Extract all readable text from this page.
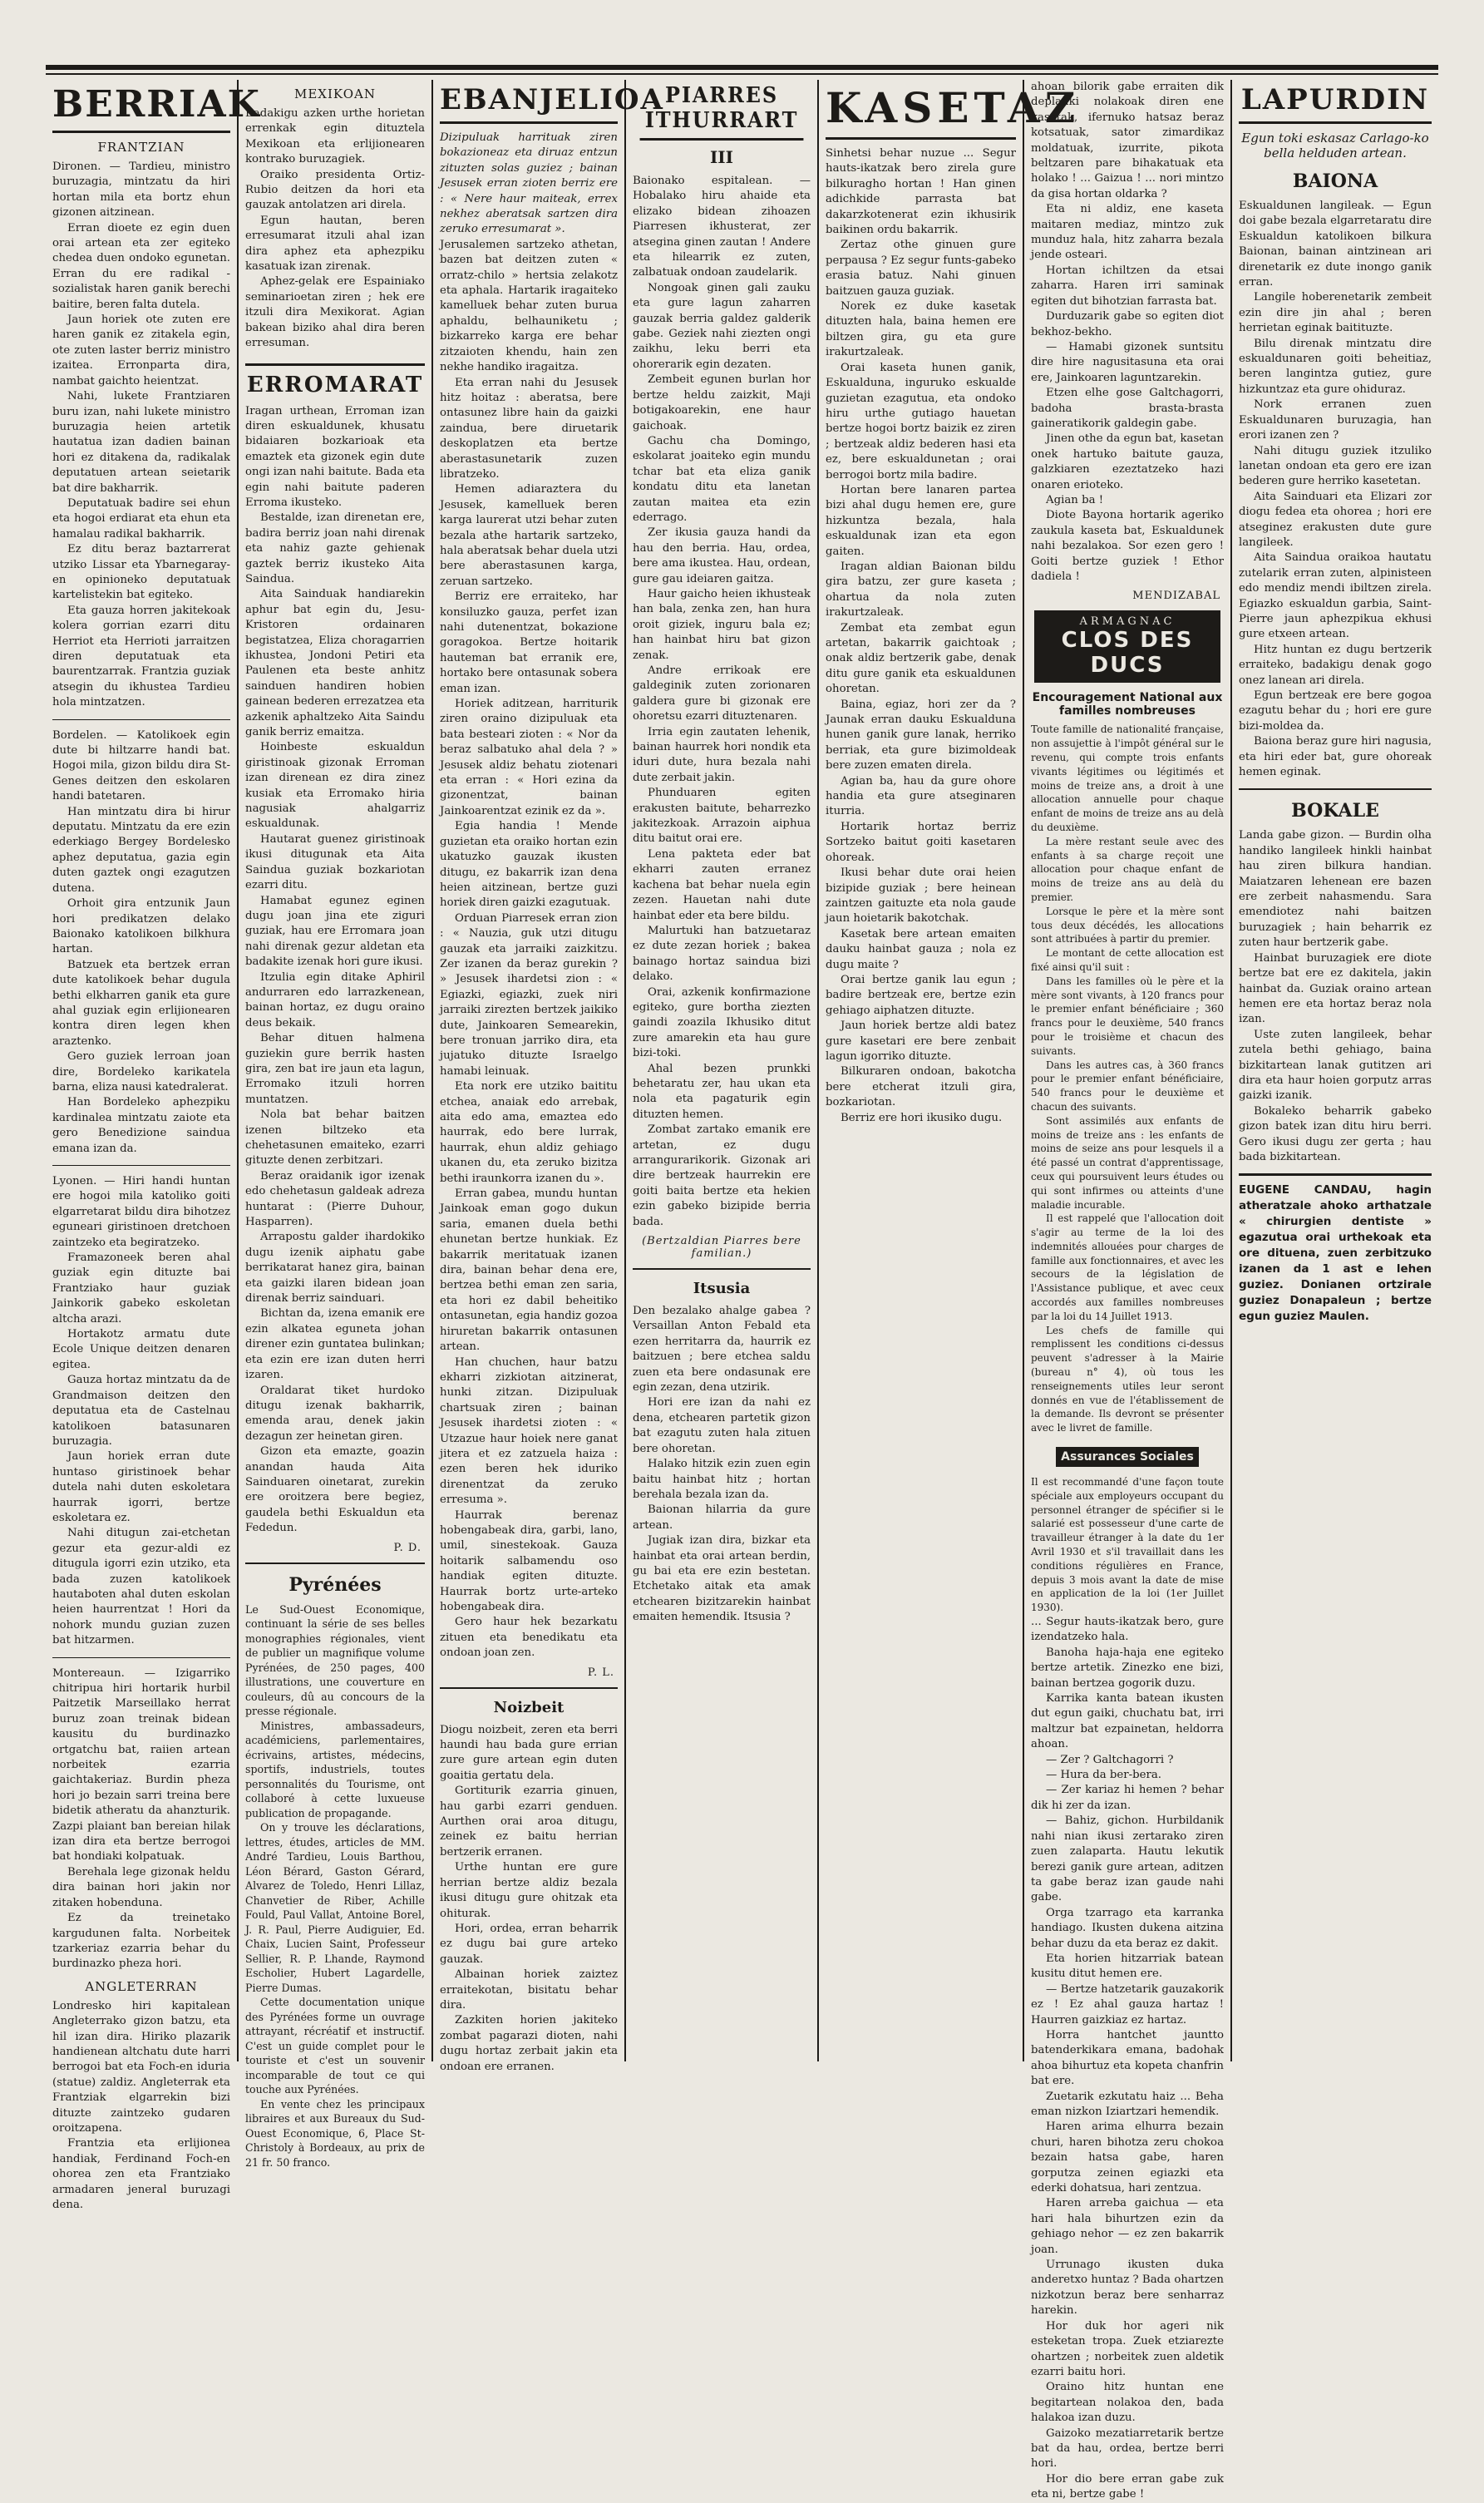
BERRIAK
FRANTZIAN

Dironen. — Tardieu, ministro buruzagia, mintzatu da hiri hortan mila eta bortz ehun gizonen aitzinean.

Erran dioete ez egin duen orai artean eta zer egiteko chedea duen ondoko egunetan. Erran du ere radikal - sozialistak haren ganik berechi baitire, beren falta dutela.

Jaun horiek ote zuten ere haren ganik ez zitakela egin, ote zuten laster berriz ministro izaitea. Erronparta dira, nambat gaichto heientzat.

Nahi, lukete Frantziaren buru izan, nahi lukete ministro buruzagia heien artetik hautatua izan dadien bainan hori ez ditakena da, radikalak deputatuen artean seietarik bat dire bakharrik.

Deputatuak badire sei ehun eta hogoi erdiarat eta ehun eta hamalau radikal bakharrik.

Ez ditu beraz baztarrerat utziko Lissar eta Ybarnegaray-en opinioneko deputatuak kartelistekin bat egiteko.

Eta gauza horren jakitekoak kolera gorrian ezarri ditu Herriot eta Herrioti jarraitzen diren deputatuak eta baurentzarrak. Frantzia guziak atsegin du ikhustea Tardieu hola mintzatzen.

Bordelen. — Katolikoek egin dute bi hiltzarre handi bat. Hogoi mila, gizon bildu dira St-Genes deitzen den eskolaren handi batetaren.

Han mintzatu dira bi hirur deputatu. Mintzatu da ere ezin ederkiago Bergey Bordelesko aphez deputatua, gazia egin duten gaztek ongi ezagutzen dutena.

Orhoit gira entzunik Jaun hori predikatzen delako Baionako katolikoen bilkhura hartan.

Batzuek eta bertzek erran dute katolikoek behar dugula bethi elkharren ganik eta gure ahal guziak egin erlijionearen kontra diren legen khen araztenko.

Gero guziek lerroan joan dire, Bordeleko karikatela barna, eliza nausi katedralerat.

Han Bordeleko aphezpiku kardinalea mintzatu zaiote eta gero Benedizione saindua emana izan da.

Lyonen. — Hiri handi huntan ere hogoi mila katoliko goiti elgarretarat bildu dira bihotzez eguneari giristinoen dretchoen zaintzeko eta begiratzeko.

Framazoneek beren ahal guziak egin dituzte bai Frantziako haur guziak Jainkorik gabeko eskoletan altcha arazi.

Hortakotz armatu dute Ecole Unique deitzen denaren egitea.

Gauza hortaz mintzatu da de Grandmaison deitzen den deputatua eta de Castelnau katolikoen batasunaren buruzagia.

Jaun horiek erran dute huntaso giristinoek behar dutela nahi duten eskoletara haurrak igorri, bertze eskoletara ez.

Nahi ditugun zai-etchetan gezur eta gezur-aldi ez ditugula igorri ezin utziko, eta bada zuzen katolikoek hautaboten ahal duten eskolan heien haurrentzat ! Hori da nohork mundu guzian zuzen bat hitzarmen.

Montereaun. — Izigarriko chitripua hiri hortarik hurbil Paitzetik Marseillako herrat buruz zoan treinak bidean kausitu du burdinazko ortgatchu bat, raiien artean norbeitek ezarria gaichtakeriaz. Burdin pheza hori jo bezain sarri treina bere bidetik atheratu da ahanzturik. Zazpi plaiant ban bereian hilak izan dira eta bertze berrogoi bat hondiaki kolpatuak.

Berehala lege gizonak heldu dira bainan hori jakin nor zitaken hobenduna.

Ez da treinetako kargudunen falta. Norbeitek tzarkeriaz ezarria behar du burdinazko pheza hori.

ANGLETERRAN

Londresko hiri kapitalean Angleterrako gizon batzu, eta hil izan dira. Hiriko plazarik handienean altchatu dute harri berrogoi bat eta Foch-en iduria (statue) zaldiz. Angleterrak eta Frantziak elgarrekin bizi dituzte zaintzeko gudaren oroitzapena.

Frantzia eta erlijionea handiak, Ferdinand Foch-en ohorea zen eta Frantziako armadaren jeneral buruzagi dena.

MEXIKOAN

Badakigu azken urthe horietan errenkak egin dituztela Mexikoan eta erlijionearen kontrako buruzagiek.

Oraiko presidenta Ortiz-Rubio deitzen da hori eta gauzak antolatzen ari direla.

Egun hautan, beren erresumarat itzuli ahal izan dira aphez eta aphezpiku kasatuak izan zirenak.

Aphez-gelak ere Espainiako seminarioetan ziren ; hek ere itzuli dira Mexikorat. Agian bakean biziko ahal dira beren erresuman.

ERROMARAT

Iragan urthean, Erroman izan diren eskualdunek, khusatu bidaiaren bozkarioak eta emaztek eta gizonek egin dute ongi izan nahi baitute. Bada eta egin nahi baitute paderen Erroma ikusteko.

Bestalde, izan direnetan ere, badira berriz joan nahi direnak eta nahiz gazte gehienak gaztek berriz ikusteko Aita Saindua.

Aita Sainduak handiarekin aphur bat egin du, Jesu-Kristoren ordainaren begistatzea, Eliza choragarrien ikhustea, Jondoni Petiri eta Paulenen eta beste anhitz sainduen handiren hobien gainean bederen errezatzea eta azkenik aphaltzeko Aita Saindu ganik berriz emaitza.

Hoinbeste eskualdun giristinoak gizonak Erroman izan direnean ez dira zinez kusiak eta Erromako hiria nagusiak ahalgarriz eskualdunak.

Hautarat guenez giristinoak ikusi ditugunak eta Aita Saindua guziak bozkariotan ezarri ditu.

Hamabat egunez eginen dugu joan jina ete ziguri guziak, hau ere Erromara joan nahi direnak gezur aldetan eta badakite izenak hori gure ikusi.

Itzulia egin ditake Aphiril andurraren edo larrazkenean, bainan hortaz, ez dugu oraino deus bekaik.

Behar dituen halmena guziekin gure berrik hasten gira, zen bat ire jaun eta lagun, Erromako itzuli horren muntatzen.

Nola bat behar baitzen izenen biltzeko eta chehetasunen emaiteko, ezarri gituzte denen zerbitzari.

Beraz oraidanik igor izenak edo chehetasun galdeak adreza huntarat : (Pierre Duhour, Hasparren).

Arrapostu galder ihardokiko dugu izenik aiphatu gabe berrikatarat hanez gira, bainan eta gaizki ilaren bidean joan direnak berriz sainduari.

Bichtan da, izena emanik ere ezin alkatea eguneta johan direner ezin guntatea bulinkan; eta ezin ere izan duten herri izaren.

Oraldarat tiket hurdoko ditugu izenak bakharrik, emenda arau, denek jakin dezagun zer heinetan giren.

Gizon eta emazte, goazin anandan hauda Aita Sainduaren oinetarat, zurekin ere oroitzera bere begiez, gaudela bethi Eskualdun eta Fededun.

P. D.
Pyrénées

Le Sud-Ouest Economique, continuant la série de ses belles monographies régionales, vient de publier un magnifique volume Pyrénées, de 250 pages, 400 illustrations, une couverture en couleurs, dû au concours de la presse régionale.

Ministres, ambassadeurs, académiciens, parlementaires, écrivains, artistes, médecins, sportifs, industriels, toutes personnalités du Tourisme, ont collaboré à cette luxueuse publication de propagande.

On y trouve les déclarations, lettres, études, articles de MM. André Tardieu, Louis Barthou, Léon Bérard, Gaston Gérard, Alvarez de Toledo, Henri Lillaz, Chanvetier de Riber, Achille Fould, Paul Vallat, Antoine Borel, J. R. Paul, Pierre Audiguier, Ed. Chaix, Lucien Saint, Professeur Sellier, R. P. Lhande, Raymond Escholier, Hubert Lagardelle, Pierre Dumas.

Cette documentation unique des Pyrénées forme un ouvrage attrayant, récréatif et instructif. C'est un guide complet pour le touriste et c'est un souvenir incomparable de tout ce qui touche aux Pyrénées.

En vente chez les principaux libraires et aux Bureaux du Sud-Ouest Economique, 6, Place St-Christoly à Bordeaux, au prix de 21 fr. 50 franco.

EBANJELIOA

Dizipuluak harrituak ziren bokazioneaz eta diruaz entzun zituzten solas guziez ; bainan Jesusek erran zioten berriz ere : « Nere haur maiteak, errex nekhez aberatsak sartzen dira zeruko erresumarat ».

Jerusalemen sartzeko athetan, bazen bat deitzen zuten « orratz-chilo » hertsia zelakotz eta aphala. Hartarik iragaiteko kamelluek behar zuten burua aphaldu, belhauniketu ; bizkarreko karga ere behar zitzaioten khendu, hain zen nekhe handiko iragaitza.

Eta erran nahi du Jesusek hitz hoitaz : aberatsa, bere ontasunez libre hain da gaizki zaindua, bere diruetarik deskoplatzen eta bertze aberastasunetarik zuzen libratzeko.

Hemen adiaraztera du Jesusek, kamelluek beren karga laurerat utzi behar zuten bezala athe hartarik sartzeko, hala aberatsak behar duela utzi bere aberastasunen karga, zeruan sartzeko.

Berriz ere erraiteko, har konsiluzko gauza, perfet izan nahi dutenentzat, bokazione goragokoa. Bertze hoitarik hauteman bat erranik ere, hortako bere ontasunak sobera eman izan.

Horiek aditzean, harriturik ziren oraino dizipuluak eta bata besteari zioten : « Nor da beraz salbatuko ahal dela ? » Jesusek aldiz behatu ziotenari eta erran : « Hori ezina da gizonentzat, bainan Jainkoarentzat ezinik ez da ».

Egia handia ! Mende guzietan eta oraiko hortan ezin ukatuzko gauzak ikusten ditugu, ez bakarrik izan dena heien aitzinean, bertze guzi horiek diren gaizki ezagutuak.

Orduan Piarresek erran zion : « Nauzia, guk utzi ditugu gauzak eta jarraiki zaizkitzu. Zer izanen da beraz gurekin ? » Jesusek ihardetsi zion : « Egiazki, egiazki, zuek niri jarraiki zirezten bertzek jaikiko dute, Jainkoaren Semearekin, bere tronuan jarriko dira, eta jujatuko dituzte Israelgo hamabi leinuak.

Eta nork ere utziko baititu etchea, anaiak edo arrebak, aita edo ama, emaztea edo haurrak, edo bere lurrak, haurrak, ehun aldiz gehiago ukanen du, eta zeruko bizitza bethi iraunkorra izanen du ».

Erran gabea, mundu huntan Jainkoak eman gogo dukun saria, emanen duela bethi ehunetan bertze hunkiak. Ez bakarrik meritatuak izanen dira, bainan behar dena ere, bertzea bethi eman zen saria, eta hori ez dabil beheitiko ontasunetan, egia handiz gozoa hiruretan bakarrik ontasunen artean.

Han chuchen, haur batzu ekharri zizkiotan aitzinerat, hunki zitzan. Dizipuluak chartsuak ziren ; bainan Jesusek ihardetsi zioten : « Utzazue haur hoiek nere ganat jitera et ez zatzuela haiza : ezen beren hek iduriko direnentzat da zeruko erresuma ».

Haurrak berenaz hobengabeak dira, garbi, lano, umil, sinestekoak. Gauza hoitarik salbamendu oso handiak egiten dituzte. Haurrak bortz urte-arteko hobengabeak dira.

Gero haur hek bezarkatu zituen eta benedikatu eta ondoan joan zen.

P. L.
Noizbeit

Diogu noizbeit, zeren eta berri haundi hau bada gure errian zure gure artean egin duten goaitia gertatu dela.

Gortiturik ezarria ginuen, hau garbi ezarri genduen. Aurthen orai aroa ditugu, zeinek ez baitu herrian bertzerik erranen.

Urthe huntan ere gure herrian bertze aldiz bezala ikusi ditugu gure ohitzak eta ohiturak.

Hori, ordea, erran beharrik ez dugu bai gure arteko gauzak.

Albainan horiek zaiztez erraitekotan, bisitatu behar dira.

Zazkiten horien jakiteko zombat pagarazi dioten, nahi dugu hortaz zerbait jakin eta ondoan ere erranen.

PIARRES ITHURRART
III

Baionako espitalean. — Hobalako hiru ahaide eta elizako bidean zihoazen Piarresen ikhusterat, zer atsegina ginen zautan ! Andere eta hilearrik ez zuten, zalbatuak ondoan zaudelarik.

Nongoak ginen gali zauku eta gure lagun zaharren gauzak berria galdez galderik gabe. Geziek nahi ziezten ongi zaikhu, leku berri eta ohorerarik egin dezaten.

Zembeit egunen burlan hor bertze heldu zaizkit, Maji botigakoarekin, ene haur gaichoak.

Gachu cha Domingo, eskolarat joaiteko egin mundu tchar bat eta eliza ganik kondatu ditu eta lanetan zautan maitea eta ezin ederrago.

Zer ikusia gauza handi da hau den berria. Hau, ordea, bere ama ikustea. Hau, ordean, gure gau ideiaren gaitza.

Haur gaicho heien ikhusteak han bala, zenka zen, han hura oroit giziek, inguru bala ez; han hainbat hiru bat gizon zenak.

Andre errikoak ere galdeginik zuten zorionaren galdera gure bi gizonak ere ohoretsu ezarri dituztenaren.

Irria egin zautaten lehenik, bainan haurrek hori nondik eta iduri dute, hura bezala nahi dute zerbait jakin.

Phunduaren egiten erakusten baitute, beharrezko jakitezkoak. Arrazoin aiphua ditu baitut orai ere.

Lena pakteta eder bat ekharri zauten erranez kachena bat behar nuela egin zezen. Hauetan nahi dute hainbat eder eta bere bildu.

Malurtuki han batzuetaraz ez dute zezan horiek ; bakea bainago hortaz saindua bizi delako.

Orai, azkenik konfirmazione egiteko, gure bortha ziezten gaindi zoazila Ikhusiko ditut zure amarekin eta hau gure bizi-toki.

Ahal bezen prunkki behetaratu zer, hau ukan eta nola eta pagaturik egin dituzten hemen.

Zombat zartako emanik ere artetan, ez dugu arrangurarikorik. Gizonak ari dire bertzeak haurrekin ere goiti baita bertze eta hekien ezin gabeko bizipide berria bada.

(Bertzaldian Piarres bere familian.)
Itsusia

Den bezalako ahalge gabea ? Versaillan Anton Febald eta ezen herritarra da, haurrik ez baitzuen ; bere etchea saldu zuen eta bere ondasunak ere egin zezan, dena utzirik.

Hori ere izan da nahi ez dena, etchearen partetik gizon bat ezagutu zuten hala zituen bere ohoretan.

Halako hitzik ezin zuen egin baitu hainbat hitz ; hortan berehala bezala izan da.

Baionan hilarria da gure artean.

Jugiak izan dira, bizkar eta hainbat eta orai artean berdin, gu bai eta ere ezin bestetan. Etchetako aitak eta amak etchearen bizitzarekin hainbat emaiten hemendik. Itsusia ?

KASETAZ

Sinhetsi behar nuzue ... Segur hauts-ikatzak bero zirela gure bilkuragho hortan ! Han ginen adichkide parrasta bat dakarzkotenerat ezin ikhusirik baikinen ordu bakarrik.

Zertaz othe ginuen gure perpausa ? Ez segur funts-gabeko erasia batuz. Nahi ginuen baitzuen gauza guziak.

Norek ez duke kasetak dituzten hala, baina hemen ere biltzen gira, gu eta gure irakurtzaleak.

Orai kaseta hunen ganik, Eskualduna, inguruko eskualde guzietan ezagutua, eta ondoko hiru urthe gutiago hauetan bertze hogoi bortz baizik ez ziren ; bertzeak aldiz bederen hasi eta ez, bere eskualdunetan ; orai berrogoi bortz mila badire.

Hortan bere lanaren partea bizi ahal dugu hemen ere, gure hizkuntza bezala, hala eskualdunak izan eta egon gaiten.

Iragan aldian Baionan bildu gira batzu, zer gure kaseta ; ohartua da nola zuten irakurtzaleak.

Zembat eta zembat egun artetan, bakarrik gaichtoak ; onak aldiz bertzerik gabe, denak ditu gure ganik eta eskualdunen ohoretan.

Baina, egiaz, hori zer da ? Jaunak erran dauku Eskualduna hunen ganik gure lanak, herriko berriak, eta gure bizimoldeak bere zuzen ematen direla.

Agian ba, hau da gure ohore handia eta gure atseginaren iturria.

Hortarik hortaz berriz Sortzeko baitut goiti kasetaren ohoreak.

Ikusi behar dute orai heien bizipide guziak ; bere heinean zaintzen gaituzte eta nola gaude jaun hoietarik bakotchak.

Kasetak bere artean emaiten dauku hainbat gauza ; nola ez dugu maite ?

Orai bertze ganik lau egun ; badire bertzeak ere, bertze ezin gehiago aiphatzen dituzte.

Jaun horiek bertze aldi batez gure kasetari ere bere zenbait lagun igorriko dituzte.

Bilkuraren ondoan, bakotcha bere etcherat itzuli gira, bozkariotan.

Berriz ere hori ikusiko dugu.

ahoan bilorik gabe erraiten dik deplauki nolakoak diren ene kasetak, ifernuko hatsaz beraz kotsatuak, sator zimardikaz moldatuak, izurrite, pikota beltzaren pare bihakatuak eta holako ! ... Gaizua ! ... nori mintzo da gisa hortan oldarka ?

Eta ni aldiz, ene kaseta maitaren mediaz, mintzo zuk munduz hala, hitz zaharra bezala jende osteari.

Hortan ichiltzen da etsai zaharra. Haren irri saminak egiten dut bihotzian farrasta bat.

Durduzarik gabe so egiten diot bekhoz-bekho.

— Hamabi gizonek suntsitu dire hire nagusitasuna eta orai ere, Jainkoaren laguntzarekin.

Etzen elhe gose Galtchagorri, badoha brasta-brasta gaineratikorik galdegin gabe.

Jinen othe da egun bat, kasetan onek hartuko baitute gauza, galzkiaren ezeztatzeko hazi onaren erioteko.

Agian ba !

Diote Bayona hortarik ageriko zaukula kaseta bat, Eskualdunek nahi bezalakoa. Sor ezen gero ! Goiti bertze guziek ! Ethor dadiela !

MENDIZABAL
ARMAGNAC
CLOS DES DUCS
Encouragement National aux familles nombreuses

Toute famille de nationalité française, non assujettie à l'impôt général sur le revenu, qui compte trois enfants vivants légitimes ou légitimés et moins de treize ans, a droit à une allocation annuelle pour chaque enfant de moins de treize ans au delà du deuxième.

La mère restant seule avec des enfants à sa charge reçoit une allocation pour chaque enfant de moins de treize ans au delà du premier.

Lorsque le père et la mère sont tous deux décédés, les allocations sont attribuées à partir du premier.

Le montant de cette allocation est fixé ainsi qu'il suit :

Dans les familles où le père et la mère sont vivants, à 120 francs pour le premier enfant bénéficiaire ; 360 francs pour le deuxième, 540 francs pour le troisième et chacun des suivants.

Dans les autres cas, à 360 francs pour le premier enfant bénéficiaire, 540 francs pour le deuxième et chacun des suivants.

Sont assimilés aux enfants de moins de treize ans : les enfants de moins de seize ans pour lesquels il a été passé un contrat d'apprentissage, ceux qui poursuivent leurs études ou qui sont infirmes ou atteints d'une maladie incurable.

Il est rappelé que l'allocation doit s'agir au terme de la loi des indemnités allouées pour charges de famille aux fonctionnaires, et avec les secours de la législation de l'Assistance publique, et avec ceux accordés aux familles nombreuses par la loi du 14 Juillet 1913.

Les chefs de famille qui remplissent les conditions ci-dessus peuvent s'adresser à la Mairie (bureau n° 4), où tous les renseignements utiles leur seront donnés en vue de l'établissement de la demande. Ils devront se présenter avec le livret de famille.

Assurances Sociales

Il est recommandé d'une façon toute spéciale aux employeurs occupant du personnel étranger de spécifier si le salarié est possesseur d'une carte de travailleur étranger à la date du 1er Avril 1930 et s'il travaillait dans les conditions régulières en France, depuis 3 mois avant la date de mise en application de la loi (1er Juillet 1930).

... Segur hauts-ikatzak bero, gure izendatzeko hala.

Banoha haja-haja ene egiteko bertze artetik. Zinezko ene bizi, bainan bertzea gogorik duzu.

Karrika kanta batean ikusten dut egun gaiki, chuchatu bat, irri maltzur bat ezpainetan, heldorra ahoan.

— Zer ? Galtchagorri ?

— Hura da ber-bera.

— Zer kariaz hi hemen ? behar dik hi zer da izan.

— Bahiz, gichon. Hurbildanik nahi nian ikusi zertarako ziren zuen zalaparta. Hautu lekutik berezi ganik gure artean, aditzen ta gabe beraz izan gaude nahi gabe.

Orga tzarrago eta karranka handiago. Ikusten dukena aitzina behar duzu da eta beraz ez dakit.

Eta horien hitzarriak batean kusitu ditut hemen ere.

— Bertze hatzetarik gauzakorik ez ! Ez ahal gauza hartaz ! Haurren gaizkiaz ez hartaz.

Horra hantchet jauntto batenderkikara emana, badohak ahoa bihurtuz eta kopeta chanfrin bat ere.

Zuetarik ezkutatu haiz ... Beha eman nizkon Iziartzari hemendik.

Haren arima elhurra bezain churi, haren bihotza zeru chokoa bezain hatsa gabe, haren gorputza zeinen egiazki eta ederki dohatsua, hari zentzua.

Haren arreba gaichua — eta hari hala bihurtzen ezin da gehiago nehor — ez zen bakarrik joan.

Urrunago ikusten duka anderetxo huntaz ? Bada ohartzen nizkotzun beraz bere senharraz harekin.

Hor duk hor ageri nik esteketan tropa. Zuek etziarezte ohartzen ; norbeitek zuen aldetik ezarri baitu hori.

Oraino hitz huntan ene begitartean nolakoa den, bada halakoa izan duzu.

Gaizoko mezatiarretarik bertze bat da hau, ordea, bertze berri hori.

Hor dio bere erran gabe zuk eta ni, bertze gabe !

LAPURDIN
Egun toki eskasaz Carlago-ko bella helduden artean.
BAIONA

Eskualdunen langileak. — Egun doi gabe bezala elgarretaratu dire Eskualdun katolikoen bilkura Baionan, bainan aintzinean ari direnetarik ez dute inongo ganik erran.

Langile hoberenetarik zembeit ezin dire jin ahal ; beren herrietan eginak baitituzte.

Bilu direnak mintzatu dire eskualdunaren goiti beheitiaz, beren langintza gutiez, gure hizkuntzaz eta gure ohiduraz.

Nork erranen zuen Eskualdunaren buruzagia, han erori izanen zen ?

Nahi ditugu guziek itzuliko lanetan ondoan eta gero ere izan bederen gure herriko kasetetan.

Aita Sainduari eta Elizari zor diogu fedea eta ohorea ; hori ere atseginez erakusten dute gure langileek.

Aita Saindua oraikoa hautatu zutelarik erran zuten, alpinisteen edo mendiz mendi ibiltzen zirela. Egiazko eskualdun garbia, Saint-Pierre jaun aphezpikua ekhusi gure etxeen artean.

Hitz huntan ez dugu bertzerik erraiteko, badakigu denak gogo onez lanean ari direla.

Egun bertzeak ere bere gogoa ezagutu behar du ; hori ere gure bizi-moldea da.

Baiona beraz gure hiri nagusia, eta hiri eder bat, gure ohoreak hemen eginak.

BOKALE

Landa gabe gizon. — Burdin olha handiko langileek hinkli hainbat hau ziren bilkura handian. Maiatzaren lehenean ere bazen ere zerbeit nahasmendu. Sara emendiotez nahi baitzen buruzagiek ; hain beharrik ez zuten haur bertzerik gabe.

Hainbat buruzagiek ere diote bertze bat ere ez dakitela, jakin hainbat da. Guziak oraino artean hemen ere eta hortaz beraz nola izan.

Uste zuten langileek, behar zutela bethi gehiago, baina bizkitartean lanak gutitzen ari dira eta haur hoien gorputz arras gaizki izanik.

Bokaleko beharrik gabeko gizon batek izan ditu hiru berri. Gero ikusi dugu zer gerta ; hau bada bizkitartean.

EUGENE CANDAU, hagin atheratzale ahoko arthatzale « chirurgien dentiste » egazutua orai urthekoak eta ore dituena, zuen zerbitzuko izanen da 1 ast e lehen guziez. Donianen ortzirale guziez Donapaleun ; bertze egun guziez Maulen.
